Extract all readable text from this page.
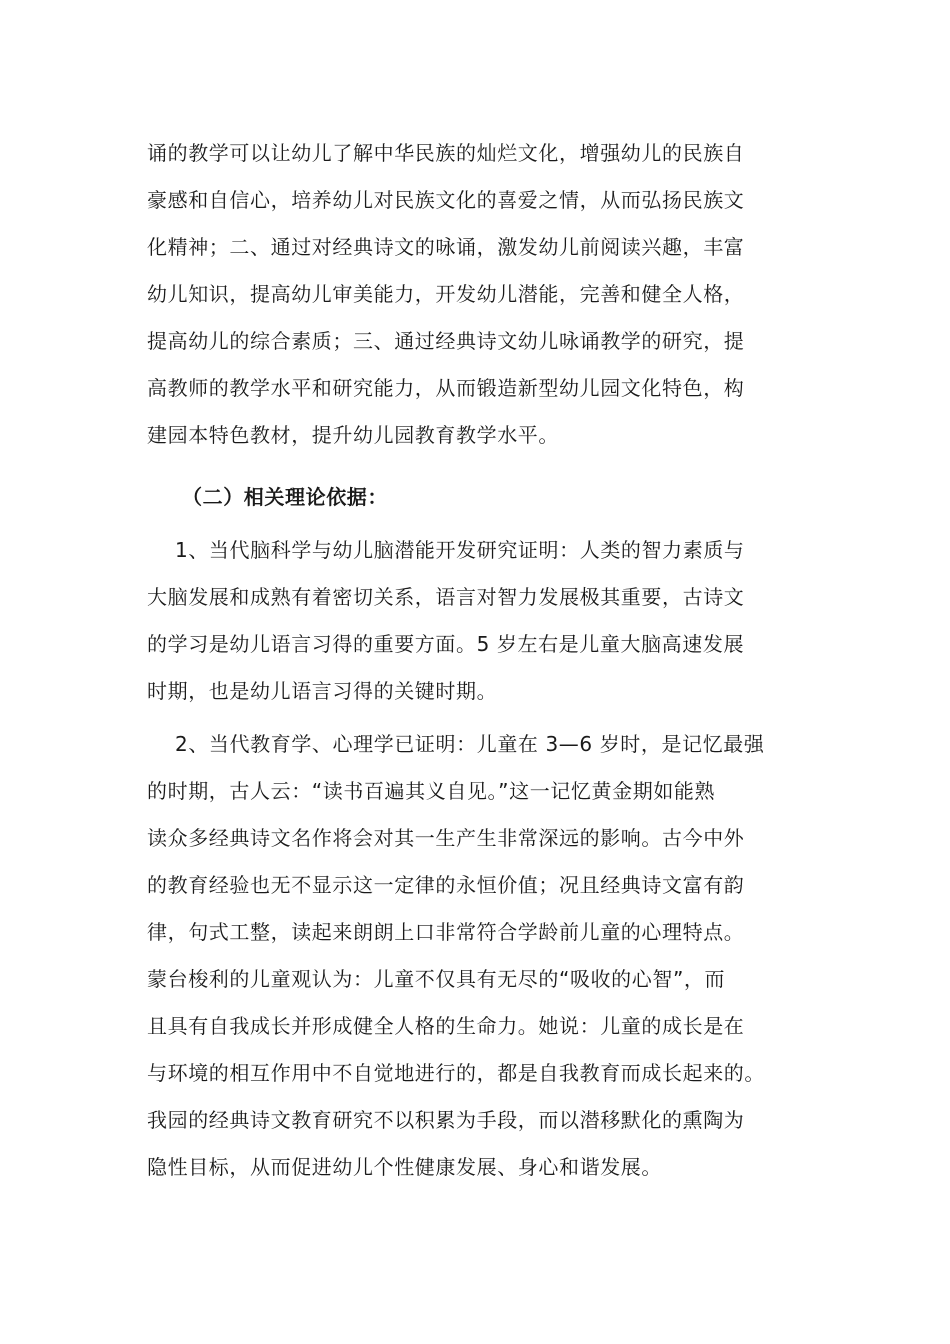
诵的教学可以让幼儿了解中华民族的灿烂文化，增强幼儿的民族自
豪感和自信心，培养幼儿对民族文化的喜爱之情，从而弘扬民族文
化精神；二、通过对经典诗文的咏诵，激发幼儿前阅读兴趣，丰富
幼儿知识，提高幼儿审美能力，开发幼儿潜能，完善和健全人格，
提高幼儿的综合素质；三、通过经典诗文幼儿咏诵教学的研究，提
高教师的教学水平和研究能力，从而锻造新型幼儿园文化特色，构
建园本特色教材，提升幼儿园教育教学水平。
（二）相关理论依据：
1、当代脑科学与幼儿脑潜能开发研究证明：人类的智力素质与
大脑发展和成熟有着密切关系，语言对智力发展极其重要，古诗文
的学习是幼儿语言习得的重要方面。5 岁左右是儿童大脑高速发展
时期，也是幼儿语言习得的关键时期。
2、当代教育学、心理学已证明：儿童在 3—6 岁时，是记忆最强
的时期，古人云：“读书百遍其义自见。”这一记忆黄金期如能熟
读众多经典诗文名作将会对其一生产生非常深远的影响。古今中外
的教育经验也无不显示这一定律的永恒价值；况且经典诗文富有韵
律，句式工整，读起来朗朗上口非常符合学龄前儿童的心理特点。
蒙台梭利的儿童观认为：儿童不仅具有无尽的“吸收的心智”，而
且具有自我成长并形成健全人格的生命力。她说：儿童的成长是在
与环境的相互作用中不自觉地进行的，都是自我教育而成长起来的。
我园的经典诗文教育研究不以积累为手段，而以潜移默化的熏陶为
隐性目标，从而促进幼儿个性健康发展、身心和谐发展。
